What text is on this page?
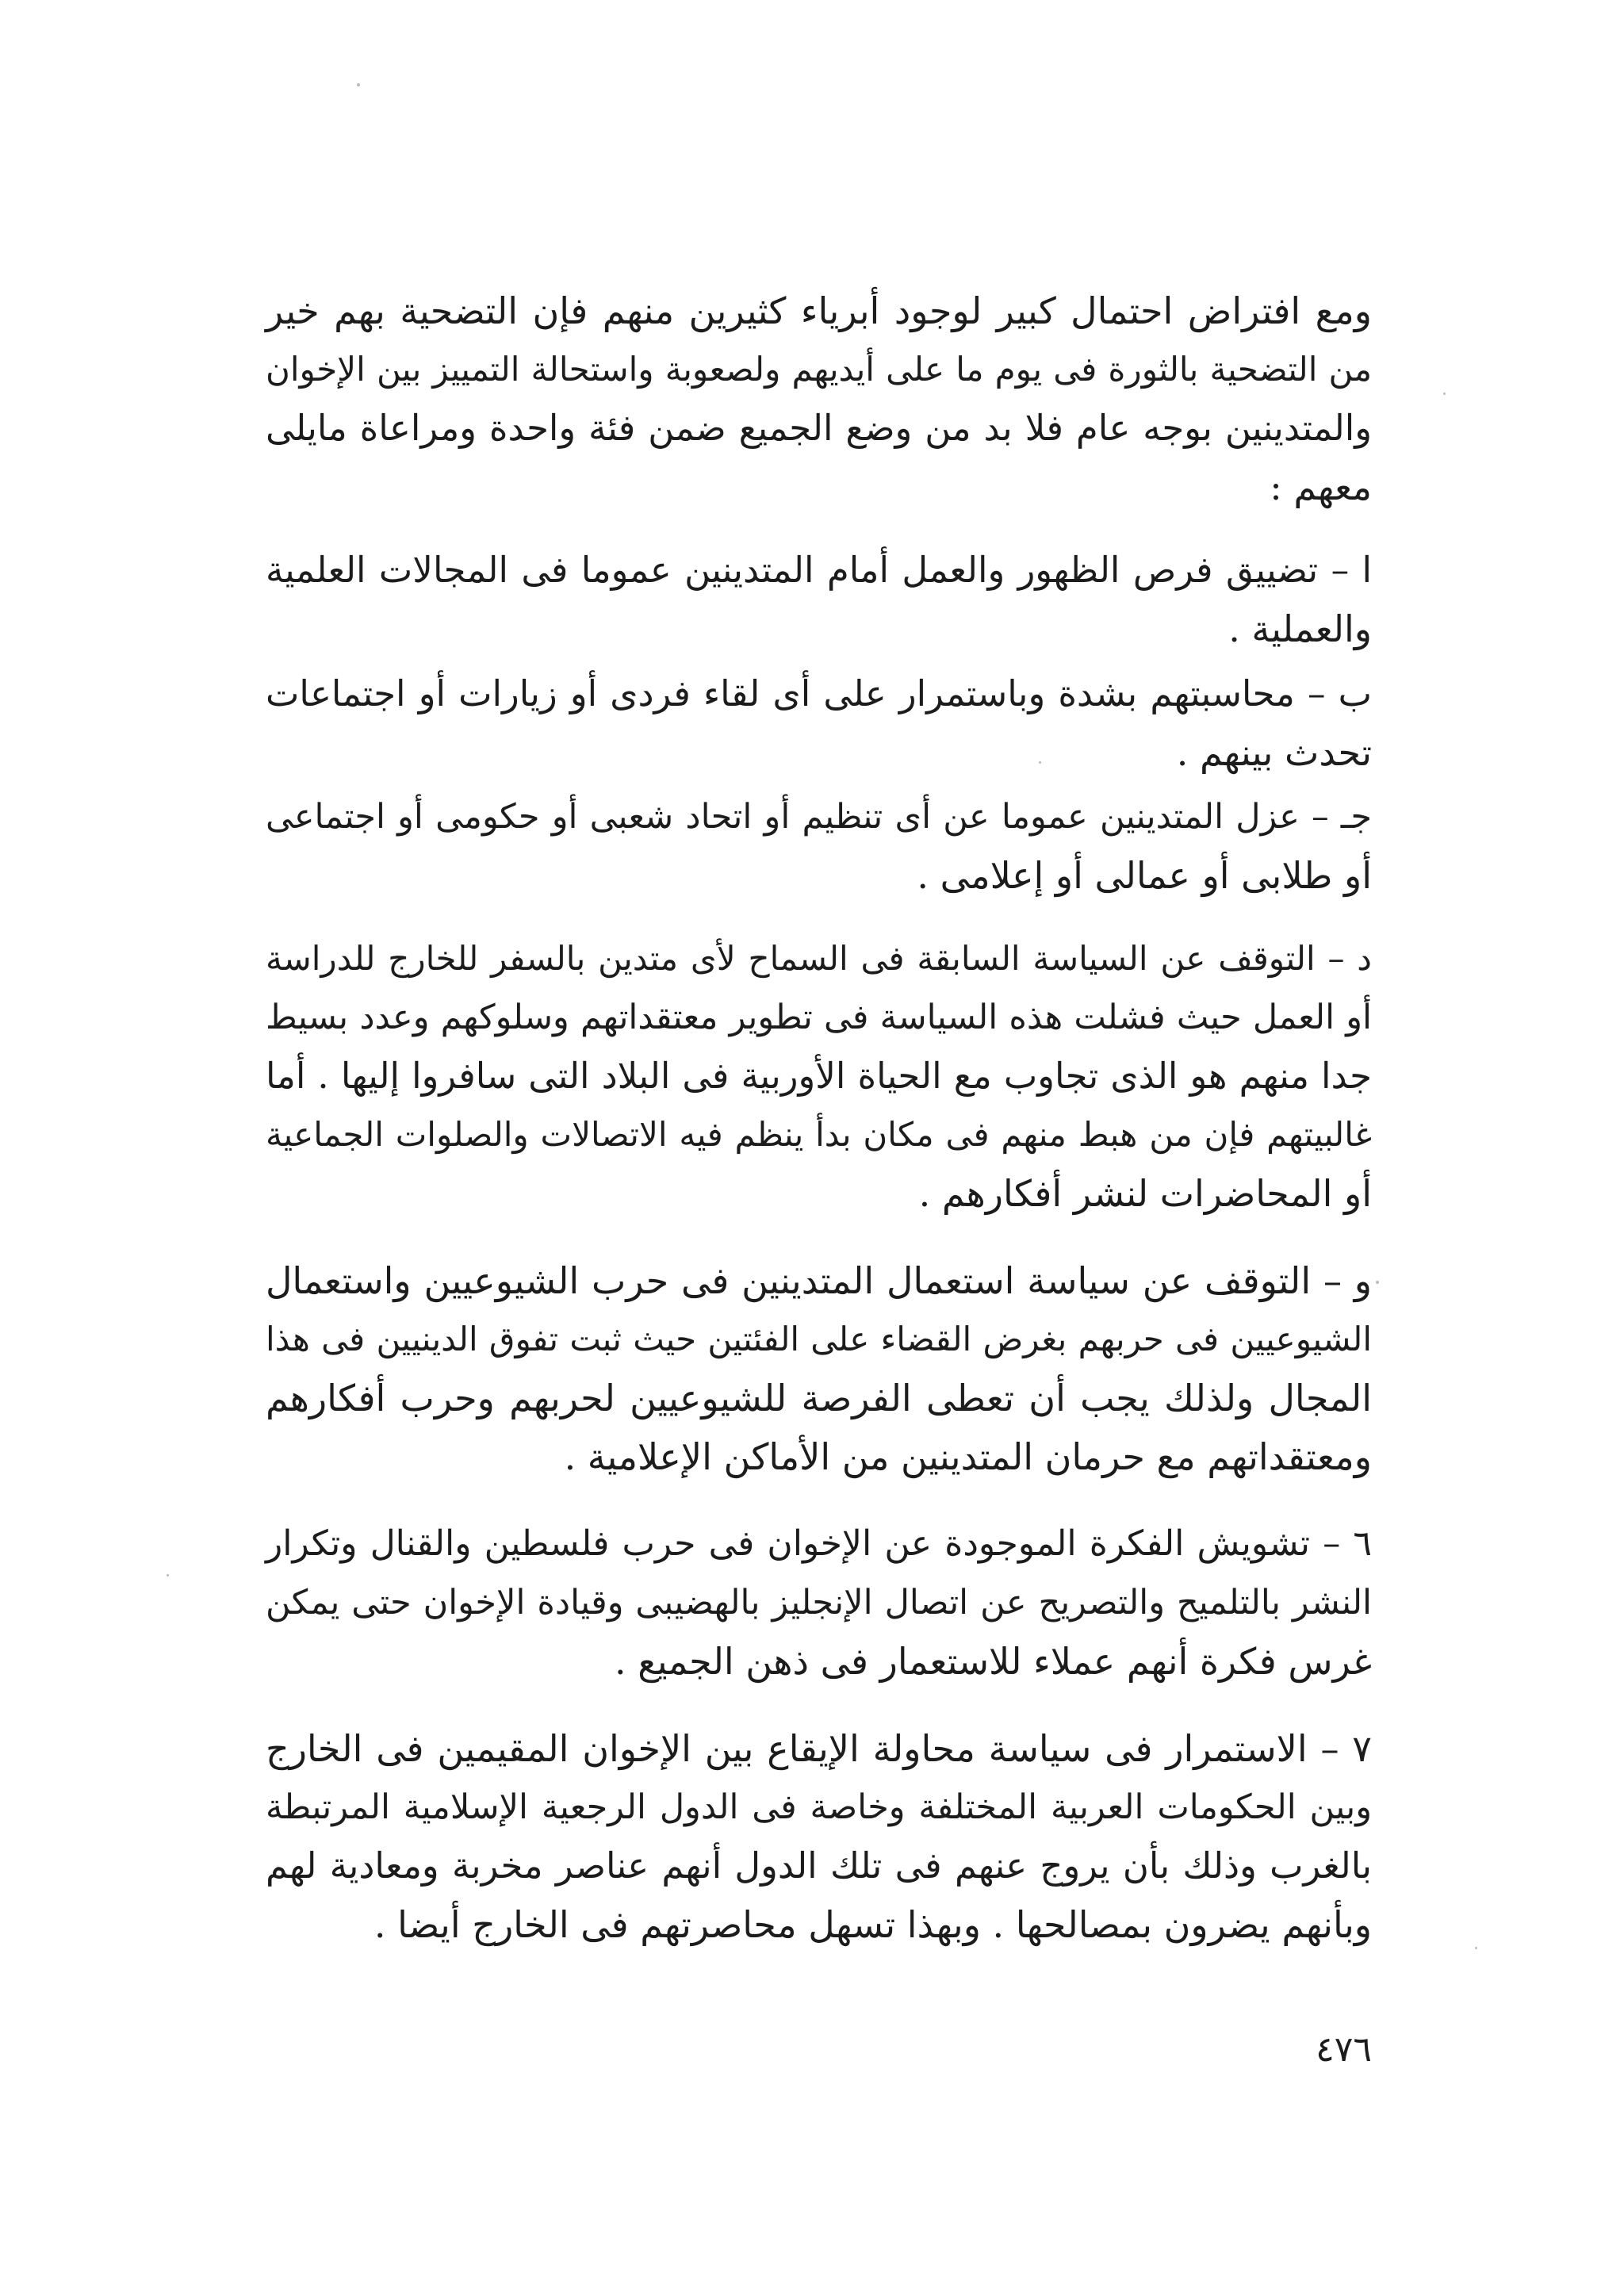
ومع افتراض احتمال كبير لوجود أبرياء كثيرين منهم فإن التضحية بهم خير
من التضحية بالثورة فى يوم ما على أيديهم ولصعوبة واستحالة التمييز بين الإخوان
والمتدينين بوجه عام فلا بد من وضع الجميع ضمن فئة واحدة ومراعاة مايلى
معهم :
ا – تضييق فرص الظهور والعمل أمام المتدينين عموما فى المجالات العلمية
والعملية .
ب – محاسبتهم بشدة وباستمرار على أى لقاء فردى أو زيارات أو اجتماعات
تحدث بينهم .
جـ – عزل المتدينين عموما عن أى تنظيم أو اتحاد شعبى أو حكومى أو اجتماعى
أو طلابى أو عمالى أو إعلامى .
د – التوقف عن السياسة السابقة فى السماح لأى متدين بالسفر للخارج للدراسة
أو العمل حيث فشلت هذه السياسة فى تطوير معتقداتهم وسلوكهم وعدد بسيط
جدا منهم هو الذى تجاوب مع الحياة الأوربية فى البلاد التى سافروا إليها . أما
غالبيتهم فإن من هبط منهم فى مكان بدأ ينظم فيه الاتصالات والصلوات الجماعية
أو المحاضرات لنشر أفكارهم .
و – التوقف عن سياسة استعمال المتدينين فى حرب الشيوعيين واستعمال
الشيوعيين فى حربهم بغرض القضاء على الفئتين حيث ثبت تفوق الدينيين فى هذا
المجال ولذلك يجب أن تعطى الفرصة للشيوعيين لحربهم وحرب أفكارهم
ومعتقداتهم مع حرمان المتدينين من الأماكن الإعلامية .
٦ – تشويش الفكرة الموجودة عن الإخوان فى حرب فلسطين والقنال وتكرار
النشر بالتلميح والتصريح عن اتصال الإنجليز بالهضيبى وقيادة الإخوان حتى يمكن
غرس فكرة أنهم عملاء للاستعمار فى ذهن الجميع .
٧ – الاستمرار فى سياسة محاولة الإيقاع بين الإخوان المقيمين فى الخارج
وبين الحكومات العربية المختلفة وخاصة فى الدول الرجعية الإسلامية المرتبطة
بالغرب وذلك بأن يروج عنهم فى تلك الدول أنهم عناصر مخربة ومعادية لهم
وبأنهم يضرون بمصالحها . وبهذا تسهل محاصرتهم فى الخارج أيضا .
٤٧٦
